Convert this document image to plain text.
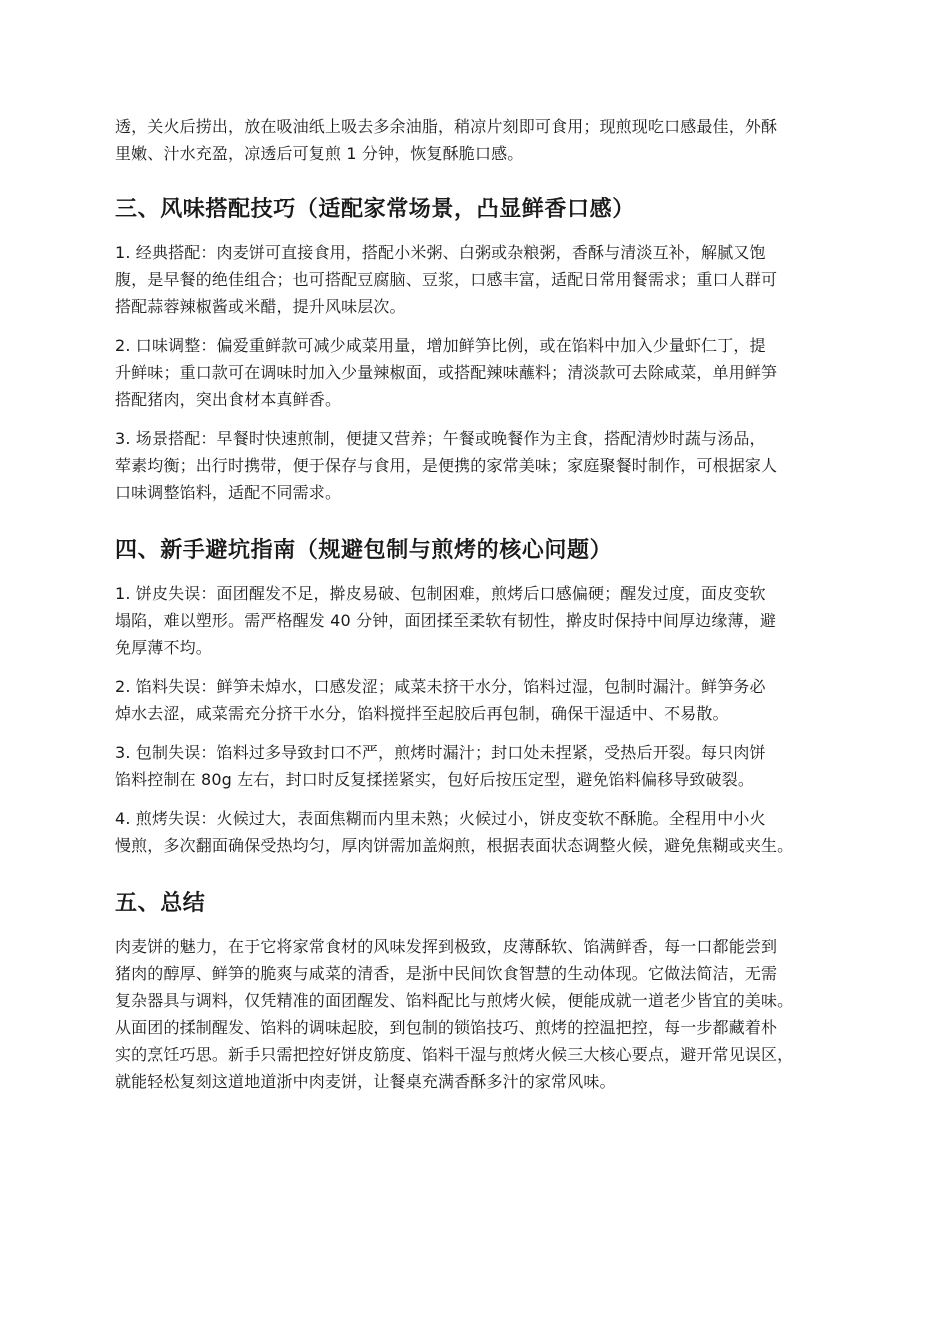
透，关火后捞出，放在吸油纸上吸去多余油脂，稍凉片刻即可食用；现煎现吃口感最佳，外酥
里嫩、汁水充盈，凉透后可复煎 1 分钟，恢复酥脆口感。
三、风味搭配技巧（适配家常场景，凸显鲜香口感）
1. 经典搭配：肉麦饼可直接食用，搭配小米粥、白粥或杂粮粥，香酥与清淡互补，解腻又饱
腹，是早餐的绝佳组合；也可搭配豆腐脑、豆浆，口感丰富，适配日常用餐需求；重口人群可
搭配蒜蓉辣椒酱或米醋，提升风味层次。
2. 口味调整：偏爱重鲜款可减少咸菜用量，增加鲜笋比例，或在馅料中加入少量虾仁丁，提
升鲜味；重口款可在调味时加入少量辣椒面，或搭配辣味蘸料；清淡款可去除咸菜，单用鲜笋
搭配猪肉，突出食材本真鲜香。
3. 场景搭配：早餐时快速煎制，便捷又营养；午餐或晚餐作为主食，搭配清炒时蔬与汤品，
荤素均衡；出行时携带，便于保存与食用，是便携的家常美味；家庭聚餐时制作，可根据家人
口味调整馅料，适配不同需求。
四、新手避坑指南（规避包制与煎烤的核心问题）
1. 饼皮失误：面团醒发不足，擀皮易破、包制困难，煎烤后口感偏硬；醒发过度，面皮变软
塌陷，难以塑形。需严格醒发 40 分钟，面团揉至柔软有韧性，擀皮时保持中间厚边缘薄，避
免厚薄不均。
2. 馅料失误：鲜笋未焯水，口感发涩；咸菜未挤干水分，馅料过湿，包制时漏汁。鲜笋务必
焯水去涩，咸菜需充分挤干水分，馅料搅拌至起胶后再包制，确保干湿适中、不易散。
3. 包制失误：馅料过多导致封口不严，煎烤时漏汁；封口处未捏紧，受热后开裂。每只肉饼
馅料控制在 80g 左右，封口时反复揉搓紧实，包好后按压定型，避免馅料偏移导致破裂。
4. 煎烤失误：火候过大，表面焦糊而内里未熟；火候过小，饼皮变软不酥脆。全程用中小火
慢煎，多次翻面确保受热均匀，厚肉饼需加盖焖煎，根据表面状态调整火候，避免焦糊或夹生。
五、总结
肉麦饼的魅力，在于它将家常食材的风味发挥到极致，皮薄酥软、馅满鲜香，每一口都能尝到
猪肉的醇厚、鲜笋的脆爽与咸菜的清香，是浙中民间饮食智慧的生动体现。它做法简洁，无需
复杂器具与调料，仅凭精准的面团醒发、馅料配比与煎烤火候，便能成就一道老少皆宜的美味。
从面团的揉制醒发、馅料的调味起胶，到包制的锁馅技巧、煎烤的控温把控，每一步都藏着朴
实的烹饪巧思。新手只需把控好饼皮筋度、馅料干湿与煎烤火候三大核心要点，避开常见误区，
就能轻松复刻这道地道浙中肉麦饼，让餐桌充满香酥多汁的家常风味。
